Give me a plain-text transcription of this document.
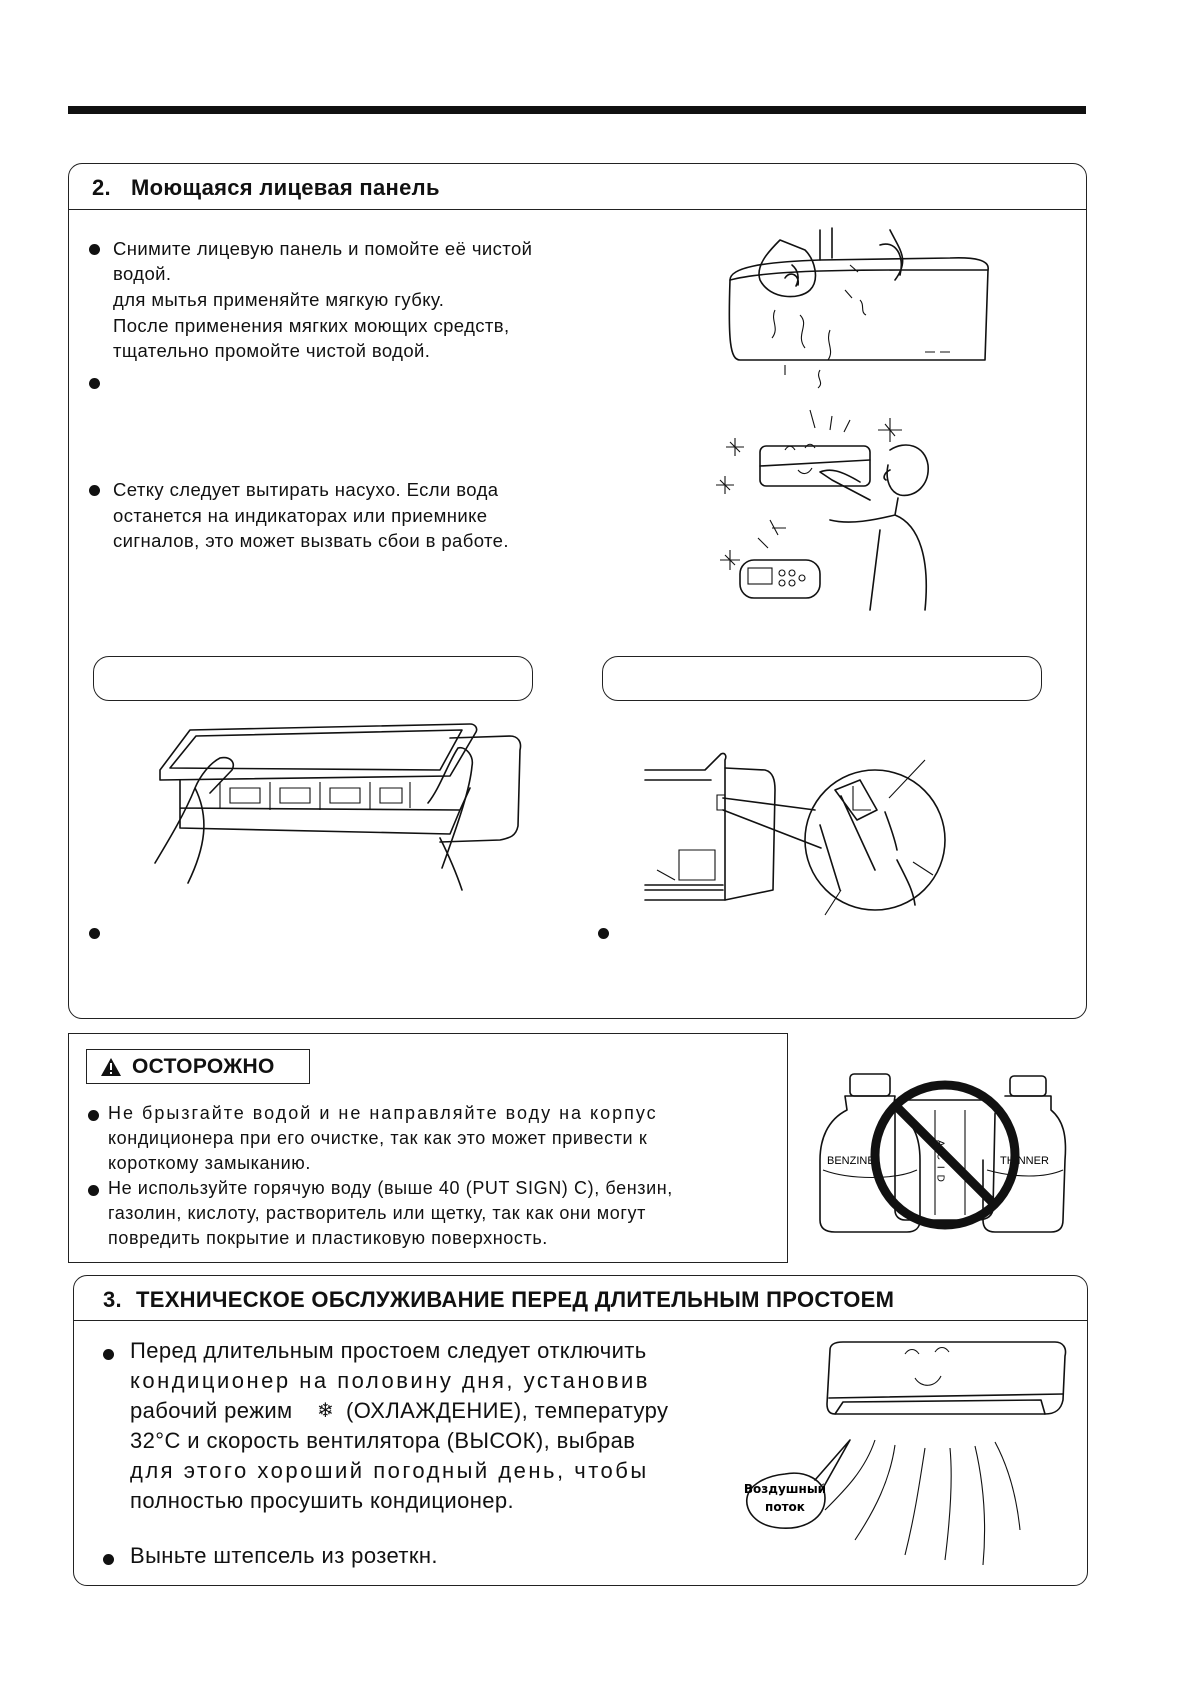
2. Моющаяся лицевая панель
Снимите лицевую панель и помойте её чистой
водой.
для мытья применяйте мягкую губку.
После применения мягких моющих средств,
тщательно промойте чистой водой.
Сетку следует вытирать насухо. Если вода
останется на индикаторах или приемнике
сигналов, это может вызвать сбои в работе.
ОСТОРОЖНО
Не брызгайте водой и не направляйте воду на корпус
кондиционера при его очистке, так как это может привести к
короткому замыканию.
Не используйте горячую воду (выше 40 (PUT SIGN) C), бензин,
газолин, кислоту, растворитель или щетку, так как они могут
повредить покрытие и пластиковую поверхность.
BENZINE	THINNER
ACID
3. ТЕХНИЧЕСКОЕ ОБСЛУЖИВАНИЕ ПЕРЕД ДЛИТЕЛЬНЫМ ПРОСТОЕМ
Перед длительным простоем следует отключить
кондиционер на половину дня, установив
рабочий режим ❄ (ОХЛАЖДЕНИЕ), температуру
32°C и скорость вентилятора (ВЫСОК), выбрав
для этого хороший погодный день, чтобы
полностью просушить кондиционер.
Выньте штепсель из розеткн.
Воздушный
поток
